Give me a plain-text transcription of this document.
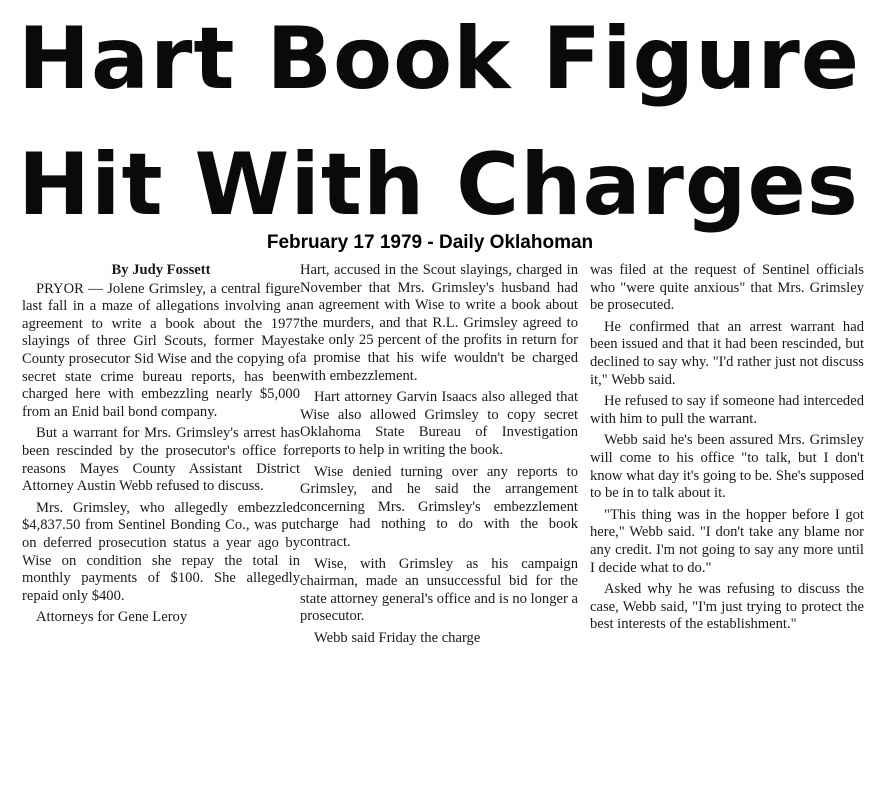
Hart Book Figure
Hit With Charges
February 17 1979 - Daily Oklahoman
By Judy Fossett

PRYOR — Jolene Grimsley, a central figure last fall in a maze of allegations involving an agreement to write a book about the 1977 slayings of three Girl Scouts, former Mayes County prosecutor Sid Wise and the copying of secret state crime bureau reports, has been charged here with embezzling nearly $5,000 from an Enid bail bond company.

But a warrant for Mrs. Grimsley's arrest has been rescinded by the prosecutor's office for reasons Mayes County Assistant District Attorney Austin Webb refused to discuss.

Mrs. Grimsley, who allegedly embezzled $4,837.50 from Sentinel Bonding Co., was put on deferred prosecution status a year ago by Wise on condition she repay the total in monthly payments of $100. She allegedly repaid only $400.

Attorneys for Gene Leroy

Hart, accused in the Scout slayings, charged in November that Mrs. Grimsley's husband had an agreement with Wise to write a book about the murders, and that R.L. Grimsley agreed to take only 25 percent of the profits in return for a promise that his wife wouldn't be charged with embezzlement.

Hart attorney Garvin Isaacs also alleged that Wise also allowed Grimsley to copy secret Oklahoma State Bureau of Investigation reports to help in writing the book.

Wise denied turning over any reports to Grimsley, and he said the arrangement concerning Mrs. Grimsley's embezzlement charge had nothing to do with the book contract.

Wise, with Grimsley as his campaign chairman, made an unsuccessful bid for the state attorney general's office and is no longer a prosecutor.

Webb said Friday the charge

was filed at the request of Sentinel officials who "were quite anxious" that Mrs. Grimsley be prosecuted.

He confirmed that an arrest warrant had been issued and that it had been rescinded, but declined to say why. "I'd rather just not discuss it," Webb said.

He refused to say if someone had interceded with him to pull the warrant.

Webb said he's been assured Mrs. Grimsley will come to his office "to talk, but I don't know what day it's going to be. She's supposed to be in to talk about it.

"This thing was in the hopper before I got here," Webb said. "I don't take any blame nor any credit. I'm not going to say any more until I decide what to do."

Asked why he was refusing to discuss the case, Webb said, "I'm just trying to protect the best interests of the establishment."
